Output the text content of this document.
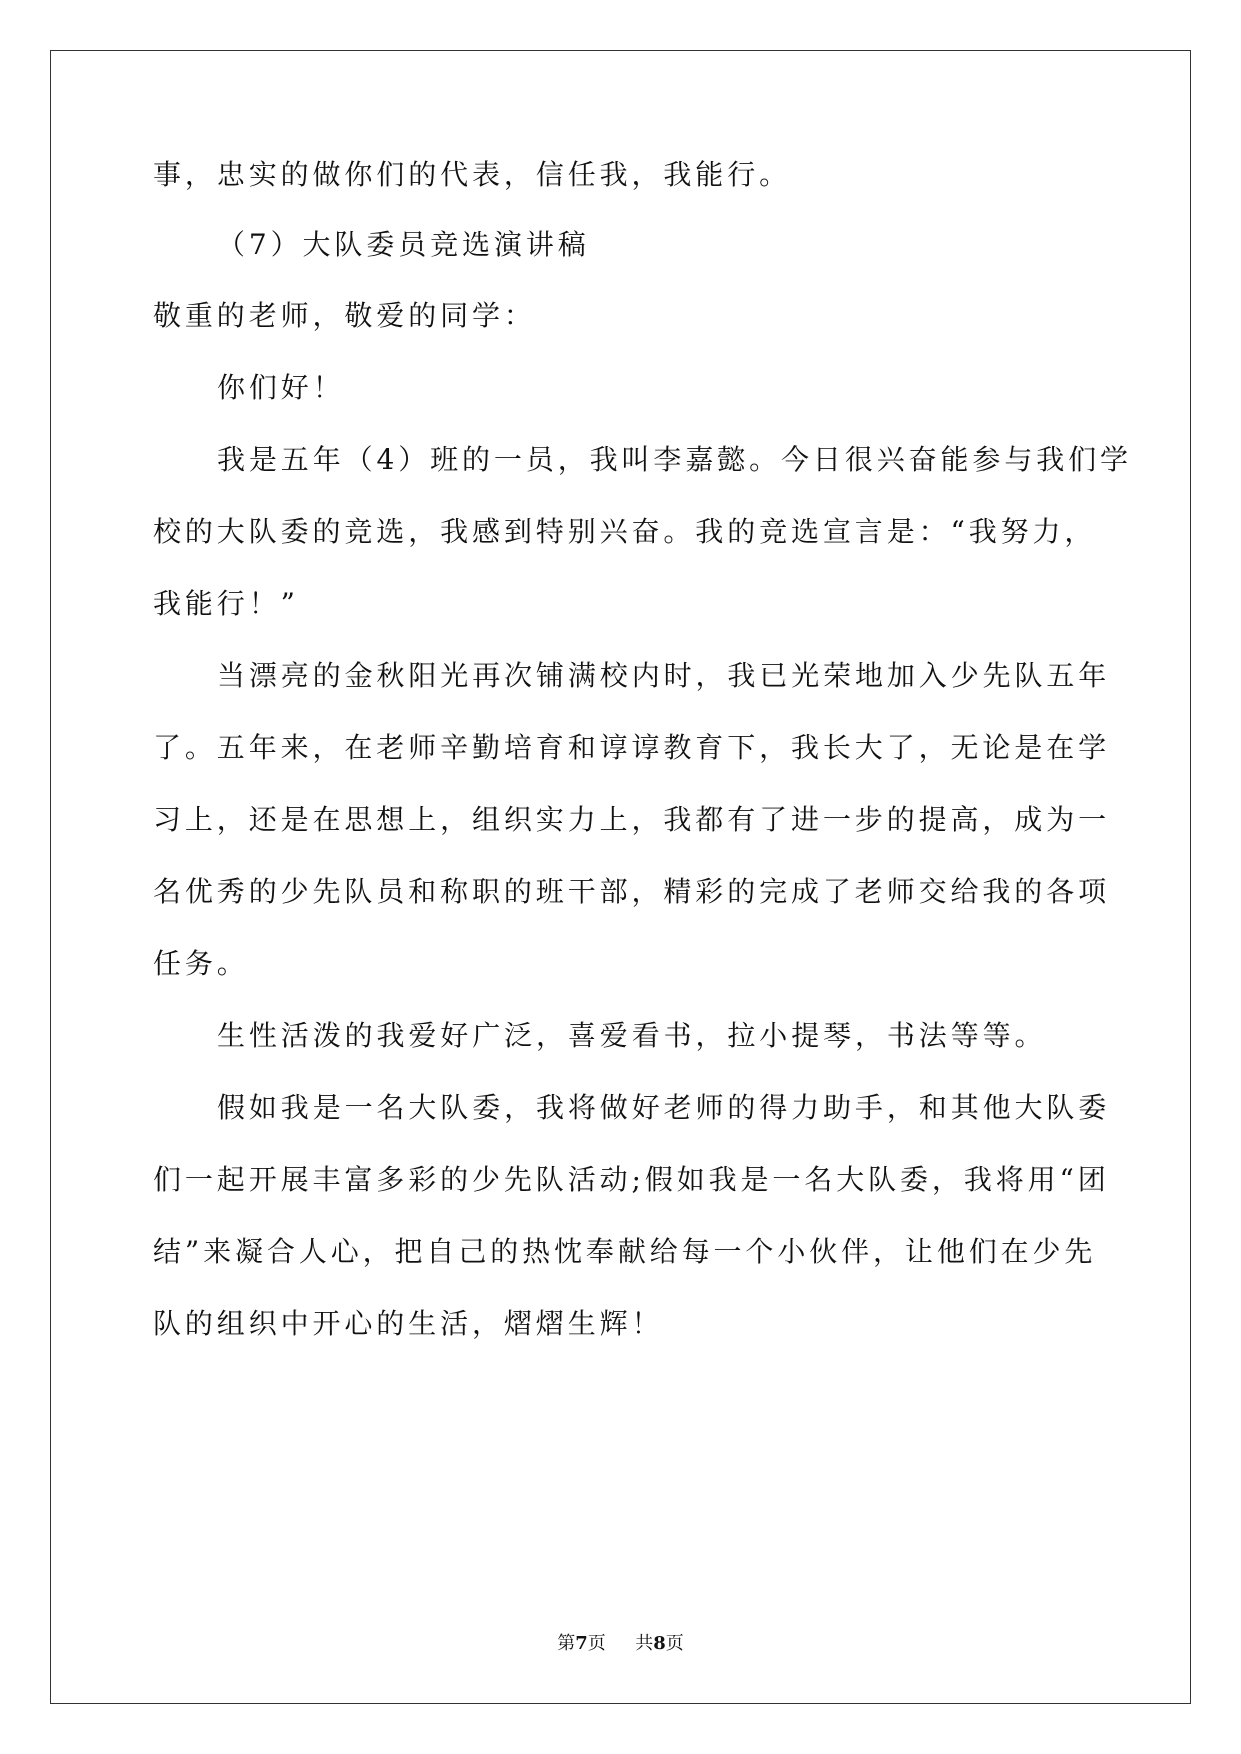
事，忠实的做你们的代表，信任我，我能行。
（7）大队委员竞选演讲稿
敬重的老师，敬爱的同学：
你们好！
我是五年（4）班的一员，我叫李嘉懿。今日很兴奋能参与我们学
校的大队委的竞选，我感到特别兴奋。我的竞选宣言是：“我努力，
我能行！”
当漂亮的金秋阳光再次铺满校内时，我已光荣地加入少先队五年
了。五年来，在老师辛勤培育和谆谆教育下，我长大了，无论是在学
习上，还是在思想上，组织实力上，我都有了进一步的提高，成为一
名优秀的少先队员和称职的班干部，精彩的完成了老师交给我的各项
任务。
生性活泼的我爱好广泛，喜爱看书，拉小提琴，书法等等。
假如我是一名大队委，我将做好老师的得力助手，和其他大队委
们一起开展丰富多彩的少先队活动;假如我是一名大队委，我将用“团
结”来凝合人心，把自己的热忱奉献给每一个小伙伴，让他们在少先
队的组织中开心的生活，熠熠生辉！
第7页 共8页
